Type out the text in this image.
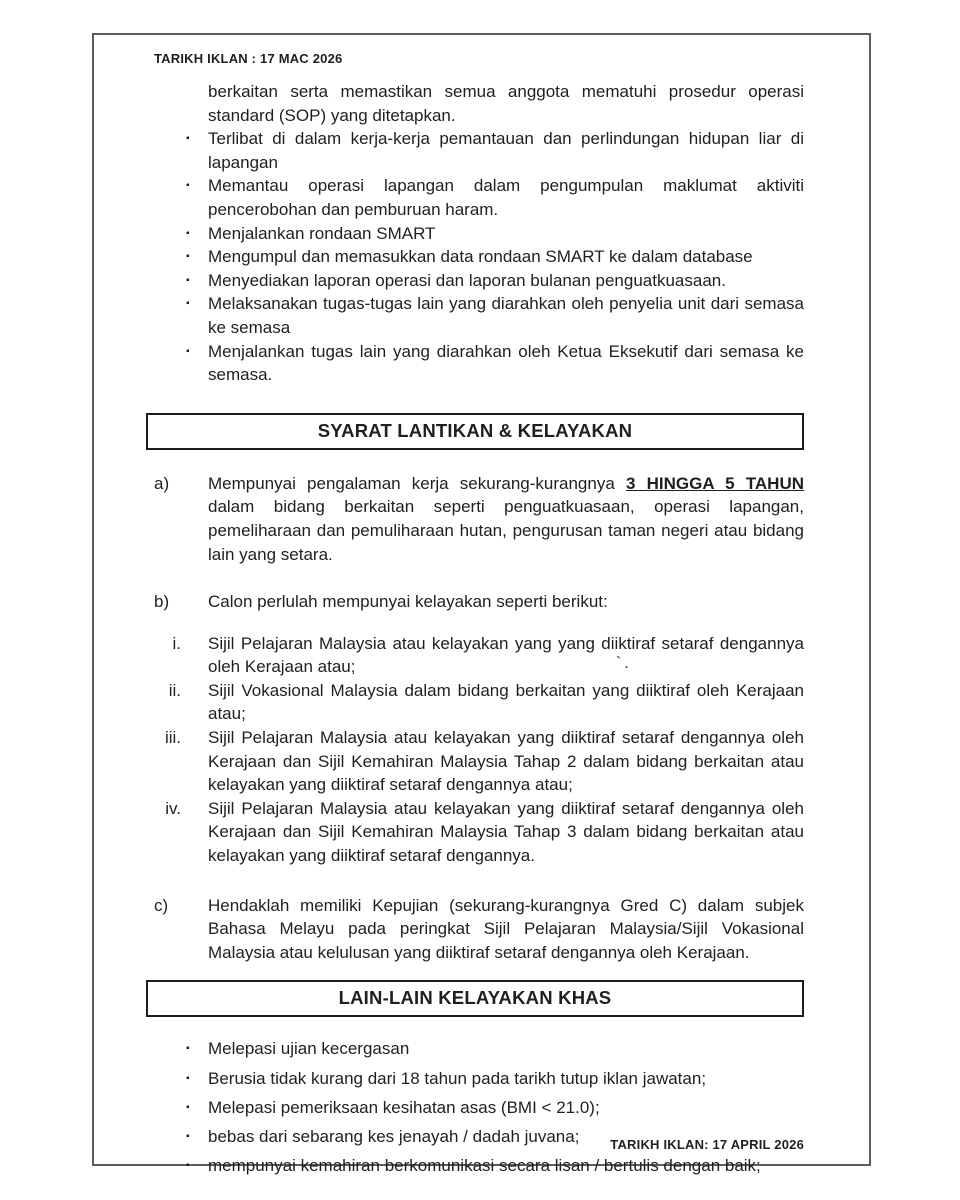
TARIKH IKLAN : 17 MAC 2026

berkaitan serta memastikan semua anggota mematuhi prosedur operasi standard (SOP) yang ditetapkan.

▪	Terlibat di dalam kerja-kerja pemantauan dan perlindungan hidupan liar di lapangan
▪	Memantau operasi lapangan dalam pengumpulan maklumat aktiviti pencerobohan dan pemburuan haram.
▪	Menjalankan rondaan SMART
▪	Mengumpul dan memasukkan data rondaan SMART ke dalam database
▪	Menyediakan laporan operasi dan laporan bulanan penguatkuasaan.
▪	Melaksanakan tugas-tugas lain yang diarahkan oleh penyelia unit dari semasa ke semasa
▪	Menjalankan tugas lain yang diarahkan oleh Ketua Eksekutif dari semasa ke semasa.
SYARAT LANTIKAN & KELAYAKAN
a)	Mempunyai pengalaman kerja sekurang-kurangnya 3 HINGGA 5 TAHUN dalam bidang berkaitan seperti penguatkuasaan, operasi lapangan, pemeliharaan dan pemuliharaan hutan, pengurusan taman negeri atau bidang lain yang setara.
b)	Calon perlulah mempunyai kelayakan seperti berikut:
i.	Sijil Pelajaran Malaysia atau kelayakan yang yang diiktiraf setaraf dengannya oleh Kerajaan atau;	`.
ii.	Sijil Vokasional Malaysia dalam bidang berkaitan yang diiktiraf oleh Kerajaan atau;
iii.	Sijil Pelajaran Malaysia atau kelayakan yang diiktiraf setaraf dengannya oleh Kerajaan dan Sijil Kemahiran Malaysia Tahap 2 dalam bidang berkaitan atau kelayakan yang diiktiraf setaraf dengannya atau;
iv.	Sijil Pelajaran Malaysia atau kelayakan yang diiktiraf setaraf dengannya oleh Kerajaan dan Sijil Kemahiran Malaysia Tahap 3 dalam bidang berkaitan atau kelayakan yang diiktiraf setaraf dengannya.
c)	Hendaklah memiliki Kepujian (sekurang-kurangnya Gred C) dalam subjek Bahasa Melayu pada peringkat Sijil Pelajaran Malaysia/Sijil Vokasional Malaysia atau kelulusan yang diiktiraf setaraf dengannya oleh Kerajaan.
LAIN-LAIN KELAYAKAN KHAS
▪	Melepasi ujian kecergasan
▪	Berusia tidak kurang dari 18 tahun pada tarikh tutup iklan jawatan;
▪	Melepasi pemeriksaan kesihatan asas (BMI < 21.0);
▪	bebas dari sebarang kes jenayah / dadah juvana;
▪	mempunyai kemahiran berkomunikasi secara lisan / bertulis dengan baik;
TARIKH IKLAN: 17 APRIL 2026
